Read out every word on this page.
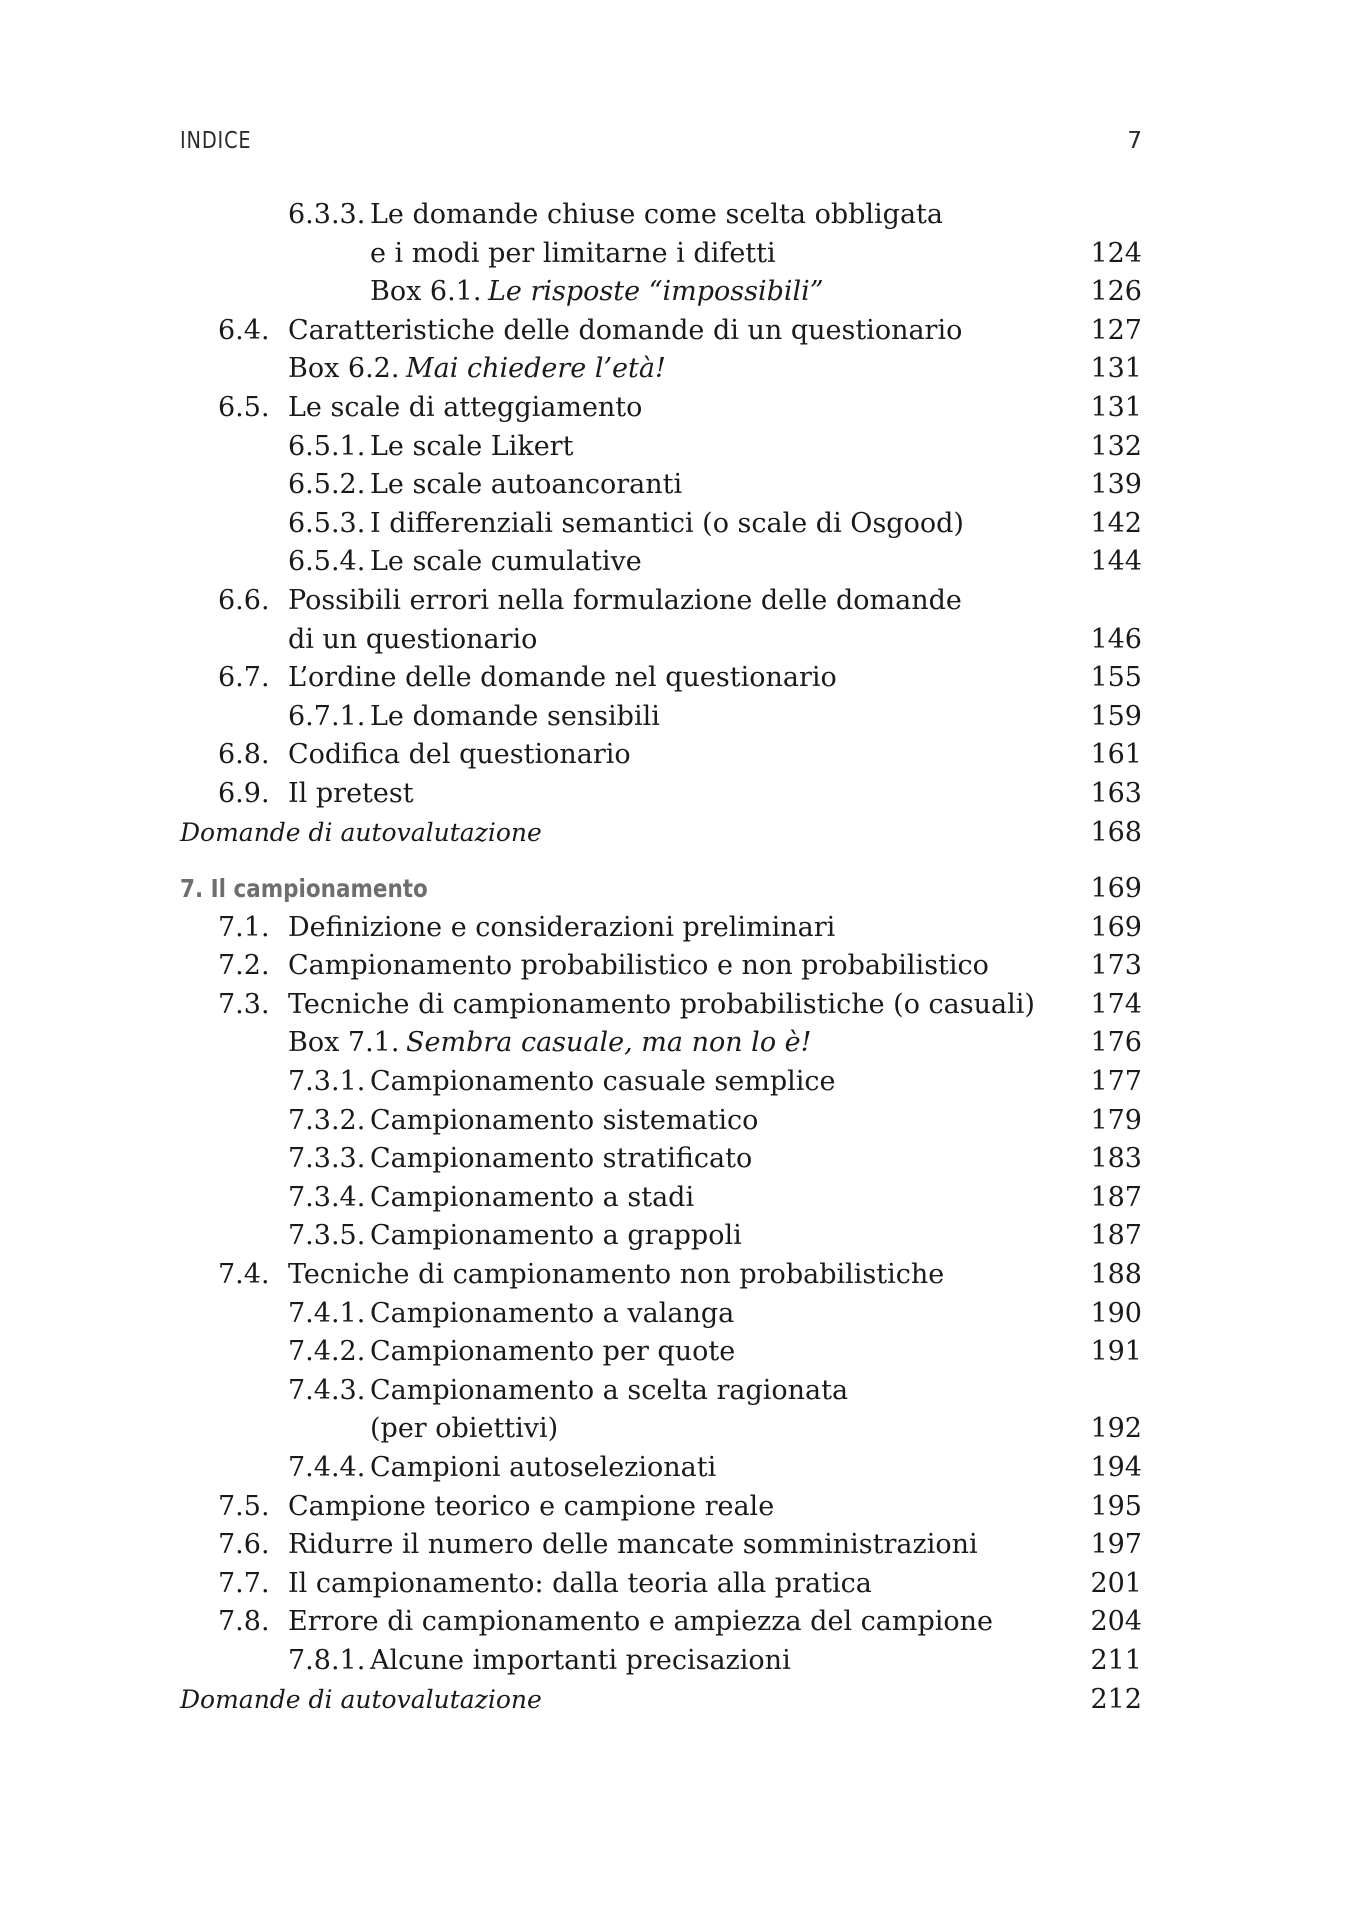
INDICE	7
6.3.3. Le domande chiuse come scelta obbligata
e i modi per limitarne i difetti	124
Box 6.1. Le risposte “impossibili”	126
6.4. Caratteristiche delle domande di un questionario	127
Box 6.2. Mai chiedere l’età!	131
6.5. Le scale di atteggiamento	131
6.5.1. Le scale Likert	132
6.5.2. Le scale autoancoranti	139
6.5.3. I differenziali semantici (o scale di Osgood)	142
6.5.4. Le scale cumulative	144
6.6. Possibili errori nella formulazione delle domande
di un questionario	146
6.7. L’ordine delle domande nel questionario	155
6.7.1. Le domande sensibili	159
6.8. Codifica del questionario	161
6.9. Il pretest	163
Domande di autovalutazione	168
7. Il campionamento	169
7.1. Definizione e considerazioni preliminari	169
7.2. Campionamento probabilistico e non probabilistico	173
7.3. Tecniche di campionamento probabilistiche (o casuali) 174
Box 7.1. Sembra casuale, ma non lo è!	176
7.3.1. Campionamento casuale semplice	177
7.3.2. Campionamento sistematico	179
7.3.3. Campionamento stratificato	183
7.3.4. Campionamento a stadi	187
7.3.5. Campionamento a grappoli	187
7.4. Tecniche di campionamento non probabilistiche	188
7.4.1. Campionamento a valanga	190
7.4.2. Campionamento per quote	191
7.4.3. Campionamento a scelta ragionata
(per obiettivi)	192
7.4.4. Campioni autoselezionati	194
7.5. Campione teorico e campione reale	195
7.6. Ridurre il numero delle mancate somministrazioni	197
7.7. Il campionamento: dalla teoria alla pratica	201
7.8. Errore di campionamento e ampiezza del campione	204
7.8.1. Alcune importanti precisazioni	211
Domande di autovalutazione	212
